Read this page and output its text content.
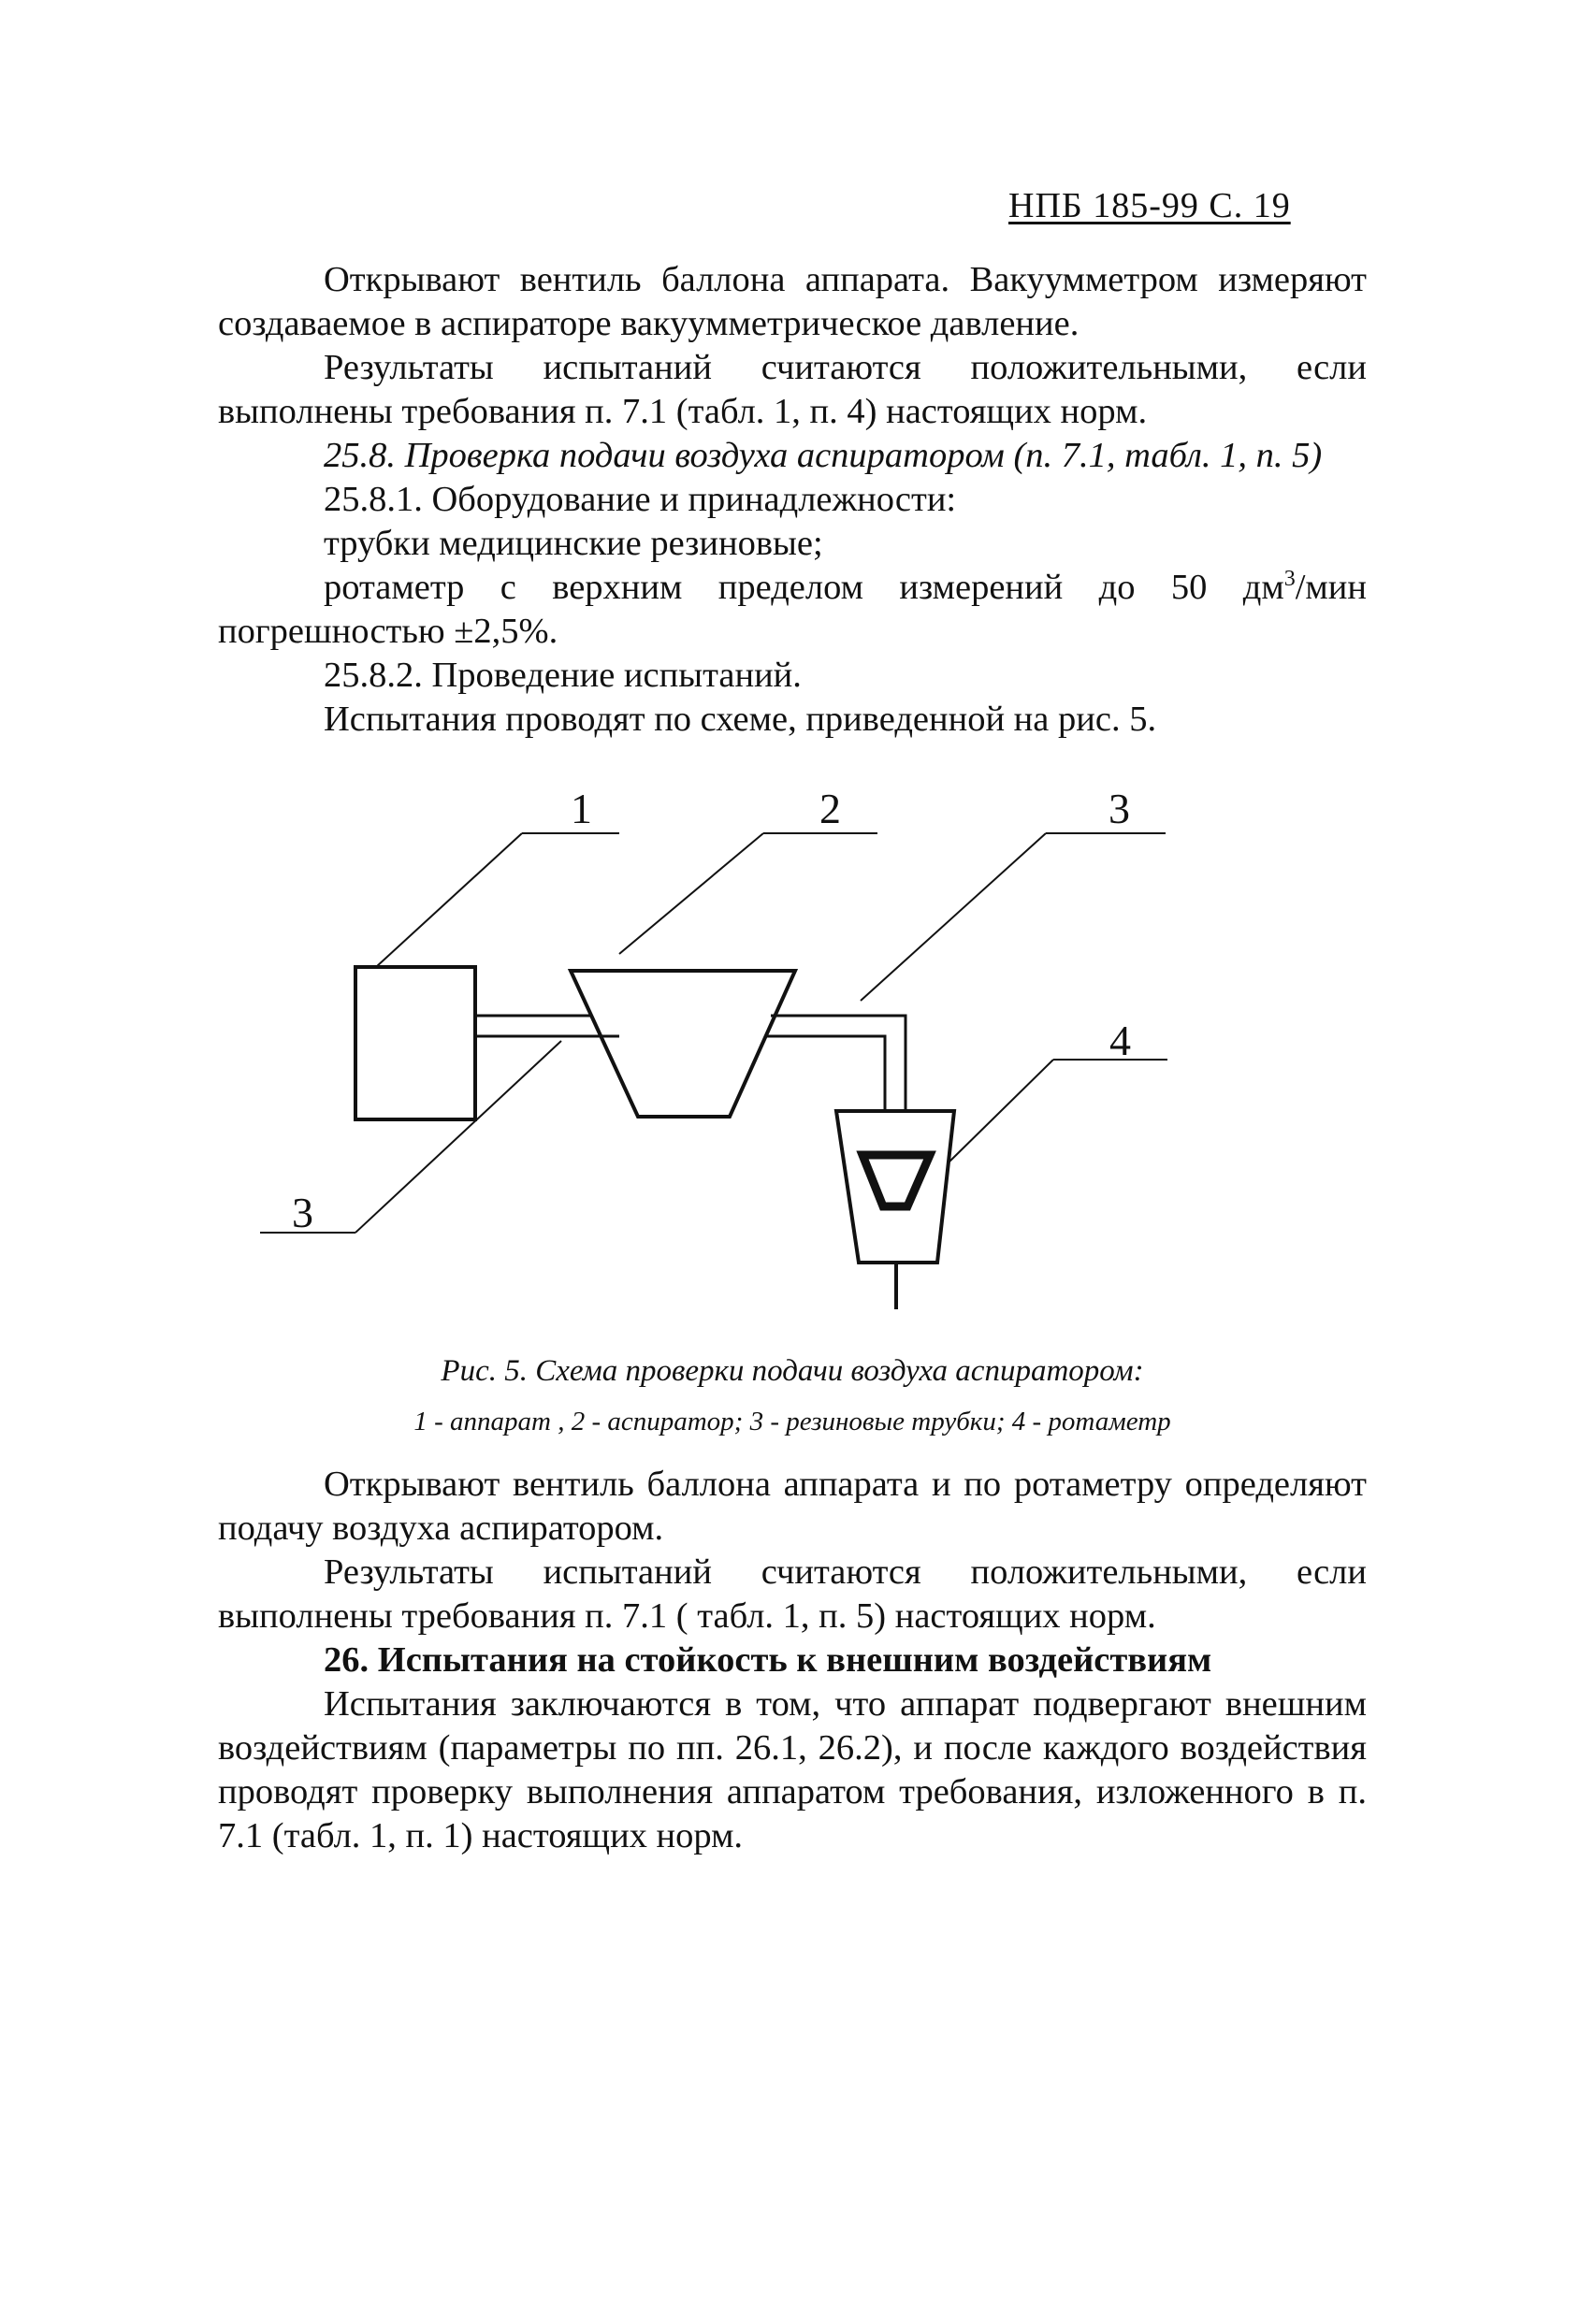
НПБ 185-99 С. 19

Открывают вентиль баллона аппарата. Вакуумметром измеряют создаваемое в аспираторе вакуумметрическое давление.

Результаты испытаний считаются положительными, если выполнены требования п. 7.1 (табл. 1, п. 4) настоящих норм.

25.8. Проверка подачи воздуха аспиратором (п. 7.1, табл. 1, п. 5)

25.8.1. Оборудование и принадлежности:

трубки медицинские резиновые;

ротаметр с верхним пределом измерений до 50 $дм^3$/мин погрешностью ±2,5%.

25.8.2. Проведение испытаний.

Испытания проводят по схеме, приведенной на рис. 5.

1	2	3
4
3
Рис. 5. Схема проверки подачи воздуха аспиратором:
1 - аппарат , 2 - аспиратор; 3 - резиновые трубки; 4 - ротаметр

Открывают вентиль баллона аппарата и по ротаметру определяют подачу воздуха аспиратором.

Результаты испытаний считаются положительными, если выполнены требования п. 7.1 ( табл. 1, п. 5) настоящих норм.

26. Испытания на стойкость к внешним воздействиям

Испытания заключаются в том, что аппарат подвергают внешним воздействиям (параметры по пп. 26.1, 26.2), и после каждого воздействия проводят проверку выполнения аппаратом требования, изложенного в п. 7.1 (табл. 1, п. 1) настоящих норм.
